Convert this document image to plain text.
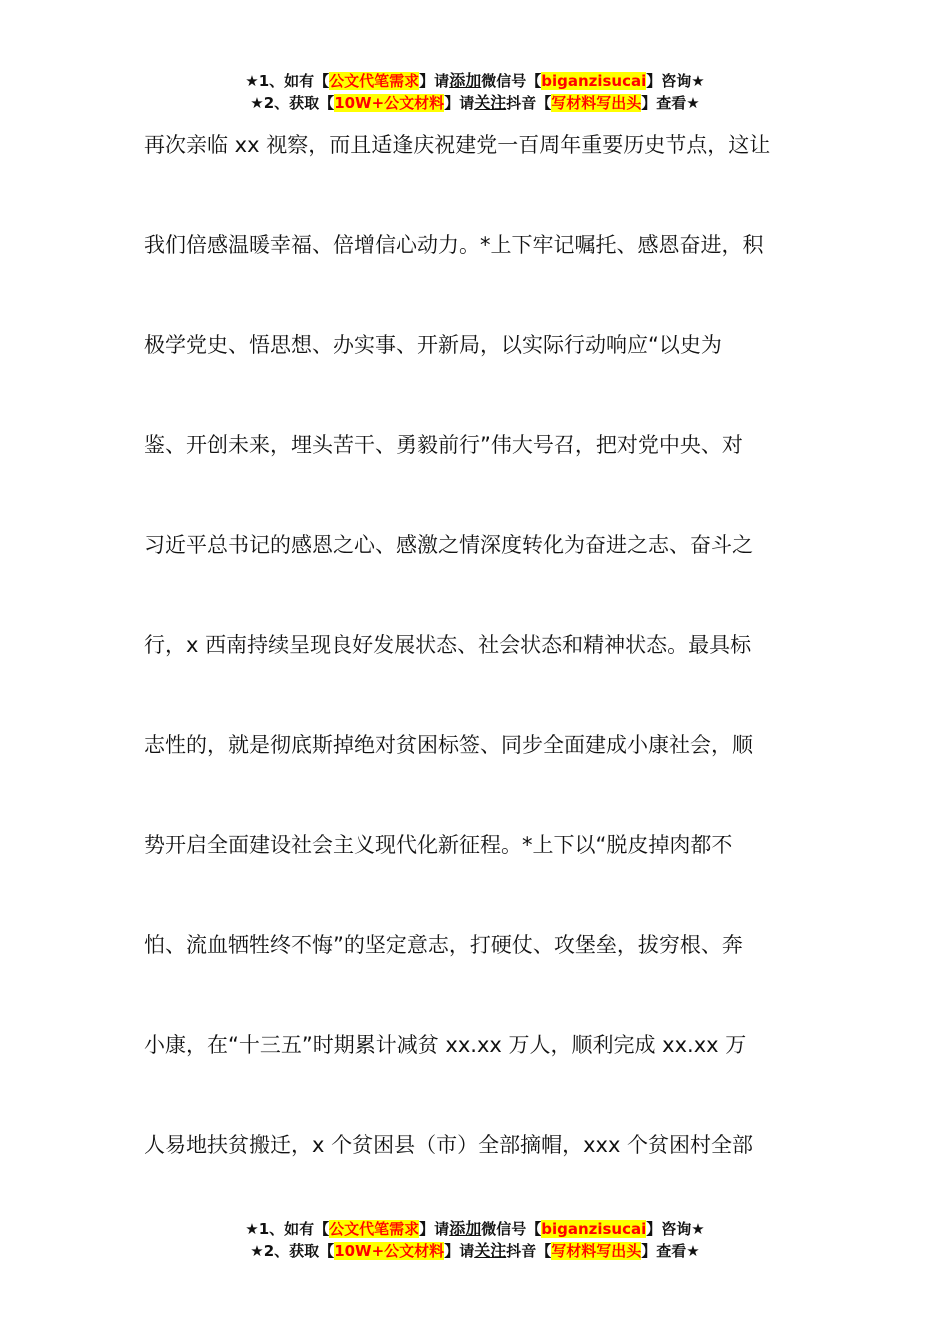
★1、如有【公文代笔需求】请添加微信号【biganzisucai】咨询★
★2、获取【10W+公文材料】请关注抖音【写材料写出头】查看★
再次亲临 xx 视察，而且适逢庆祝建党一百周年重要历史节点，这让
我们倍感温暖幸福、倍增信心动力。*上下牢记嘱托、感恩奋进，积
极学党史、悟思想、办实事、开新局，以实际行动响应“以史为
鉴、开创未来，埋头苦干、勇毅前行”伟大号召，把对党中央、对
习近平总书记的感恩之心、感激之情深度转化为奋进之志、奋斗之
行，x 西南持续呈现良好发展状态、社会状态和精神状态。最具标
志性的，就是彻底斯掉绝对贫困标签、同步全面建成小康社会，顺
势开启全面建设社会主义现代化新征程。*上下以“脱皮掉肉都不
怕、流血牺牲终不悔”的坚定意志，打硬仗、攻堡垒，拔穷根、奔
小康，在“十三五”时期累计减贫 xx.xx 万人，顺利完成 xx.xx 万
人易地扶贫搬迁，x 个贫困县（市）全部摘帽，xxx 个贫困村全部
★1、如有【公文代笔需求】请添加微信号【biganzisucai】咨询★
★2、获取【10W+公文材料】请关注抖音【写材料写出头】查看★
